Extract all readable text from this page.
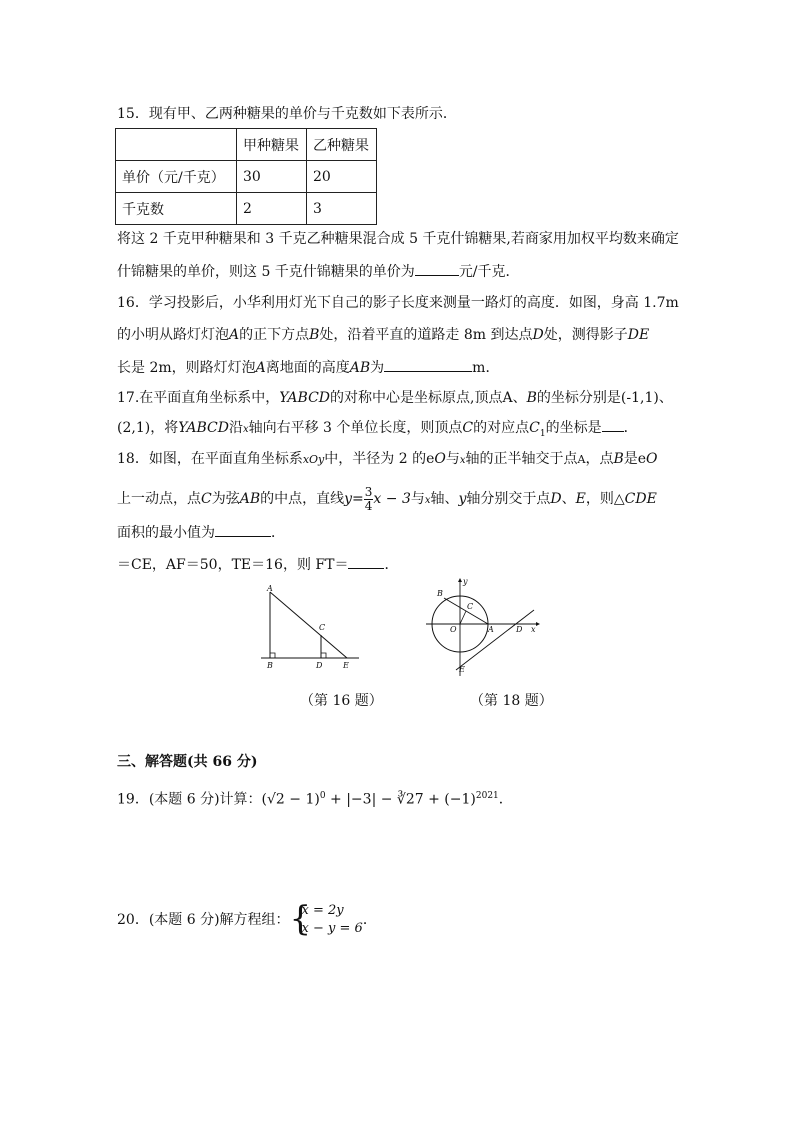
15．现有甲、乙两种糖果的单价与千克数如下表所示．
	甲种糖果	乙种糖果
单价（元/千克）	30	20
千克数	2	3
将这 2 千克甲种糖果和 3 千克乙种糖果混合成 5 千克什锦糖果,若商家用加权平均数来确定
什锦糖果的单价，则这 5 千克什锦糖果的单价为	元/千克．
16．学习投影后，小华利用灯光下自己的影子长度来测量一路灯的高度．如图，身高 1.7m
的小明从路灯灯泡A的正下方点B处，沿着平直的道路走 8m 到达点D处，测得影子DE
长是 2m，则路灯灯泡A离地面的高度AB为	m．
17.在平面直角坐标系中，YABCD的对称中心是坐标原点,顶点A、B的坐标分别是(-1,1)、
(2,1)，将YABCD沿x轴向右平移 3 个单位长度，则顶点C的对应点$C_1$的坐标是 ．
18．如图，在平面直角坐标系xOy中，半径为 2 的eO与x轴的正半轴交于点A，点B是eO
上一动点，点C为弦AB的中点，直线$y= \frac{3}{4}$ x − 3与x轴、y轴分别交于点D、E，则△CDE
面积的最小值为	．
＝CE，AF＝50，TE＝16，则 FT＝	．
A
B
C
D	E
（第 16 题）
B
y
C
O	A	D x
E
（第 18 题）
三、解答题(共 66 分)
19．(本题 6 分)计算：$(√2 - 1)^0 + |-3|$ − ∛27 + $(-1)^{2021}$．
20．(本题 6 分)解方程组： {
x = 2y
x − y = 6
．
